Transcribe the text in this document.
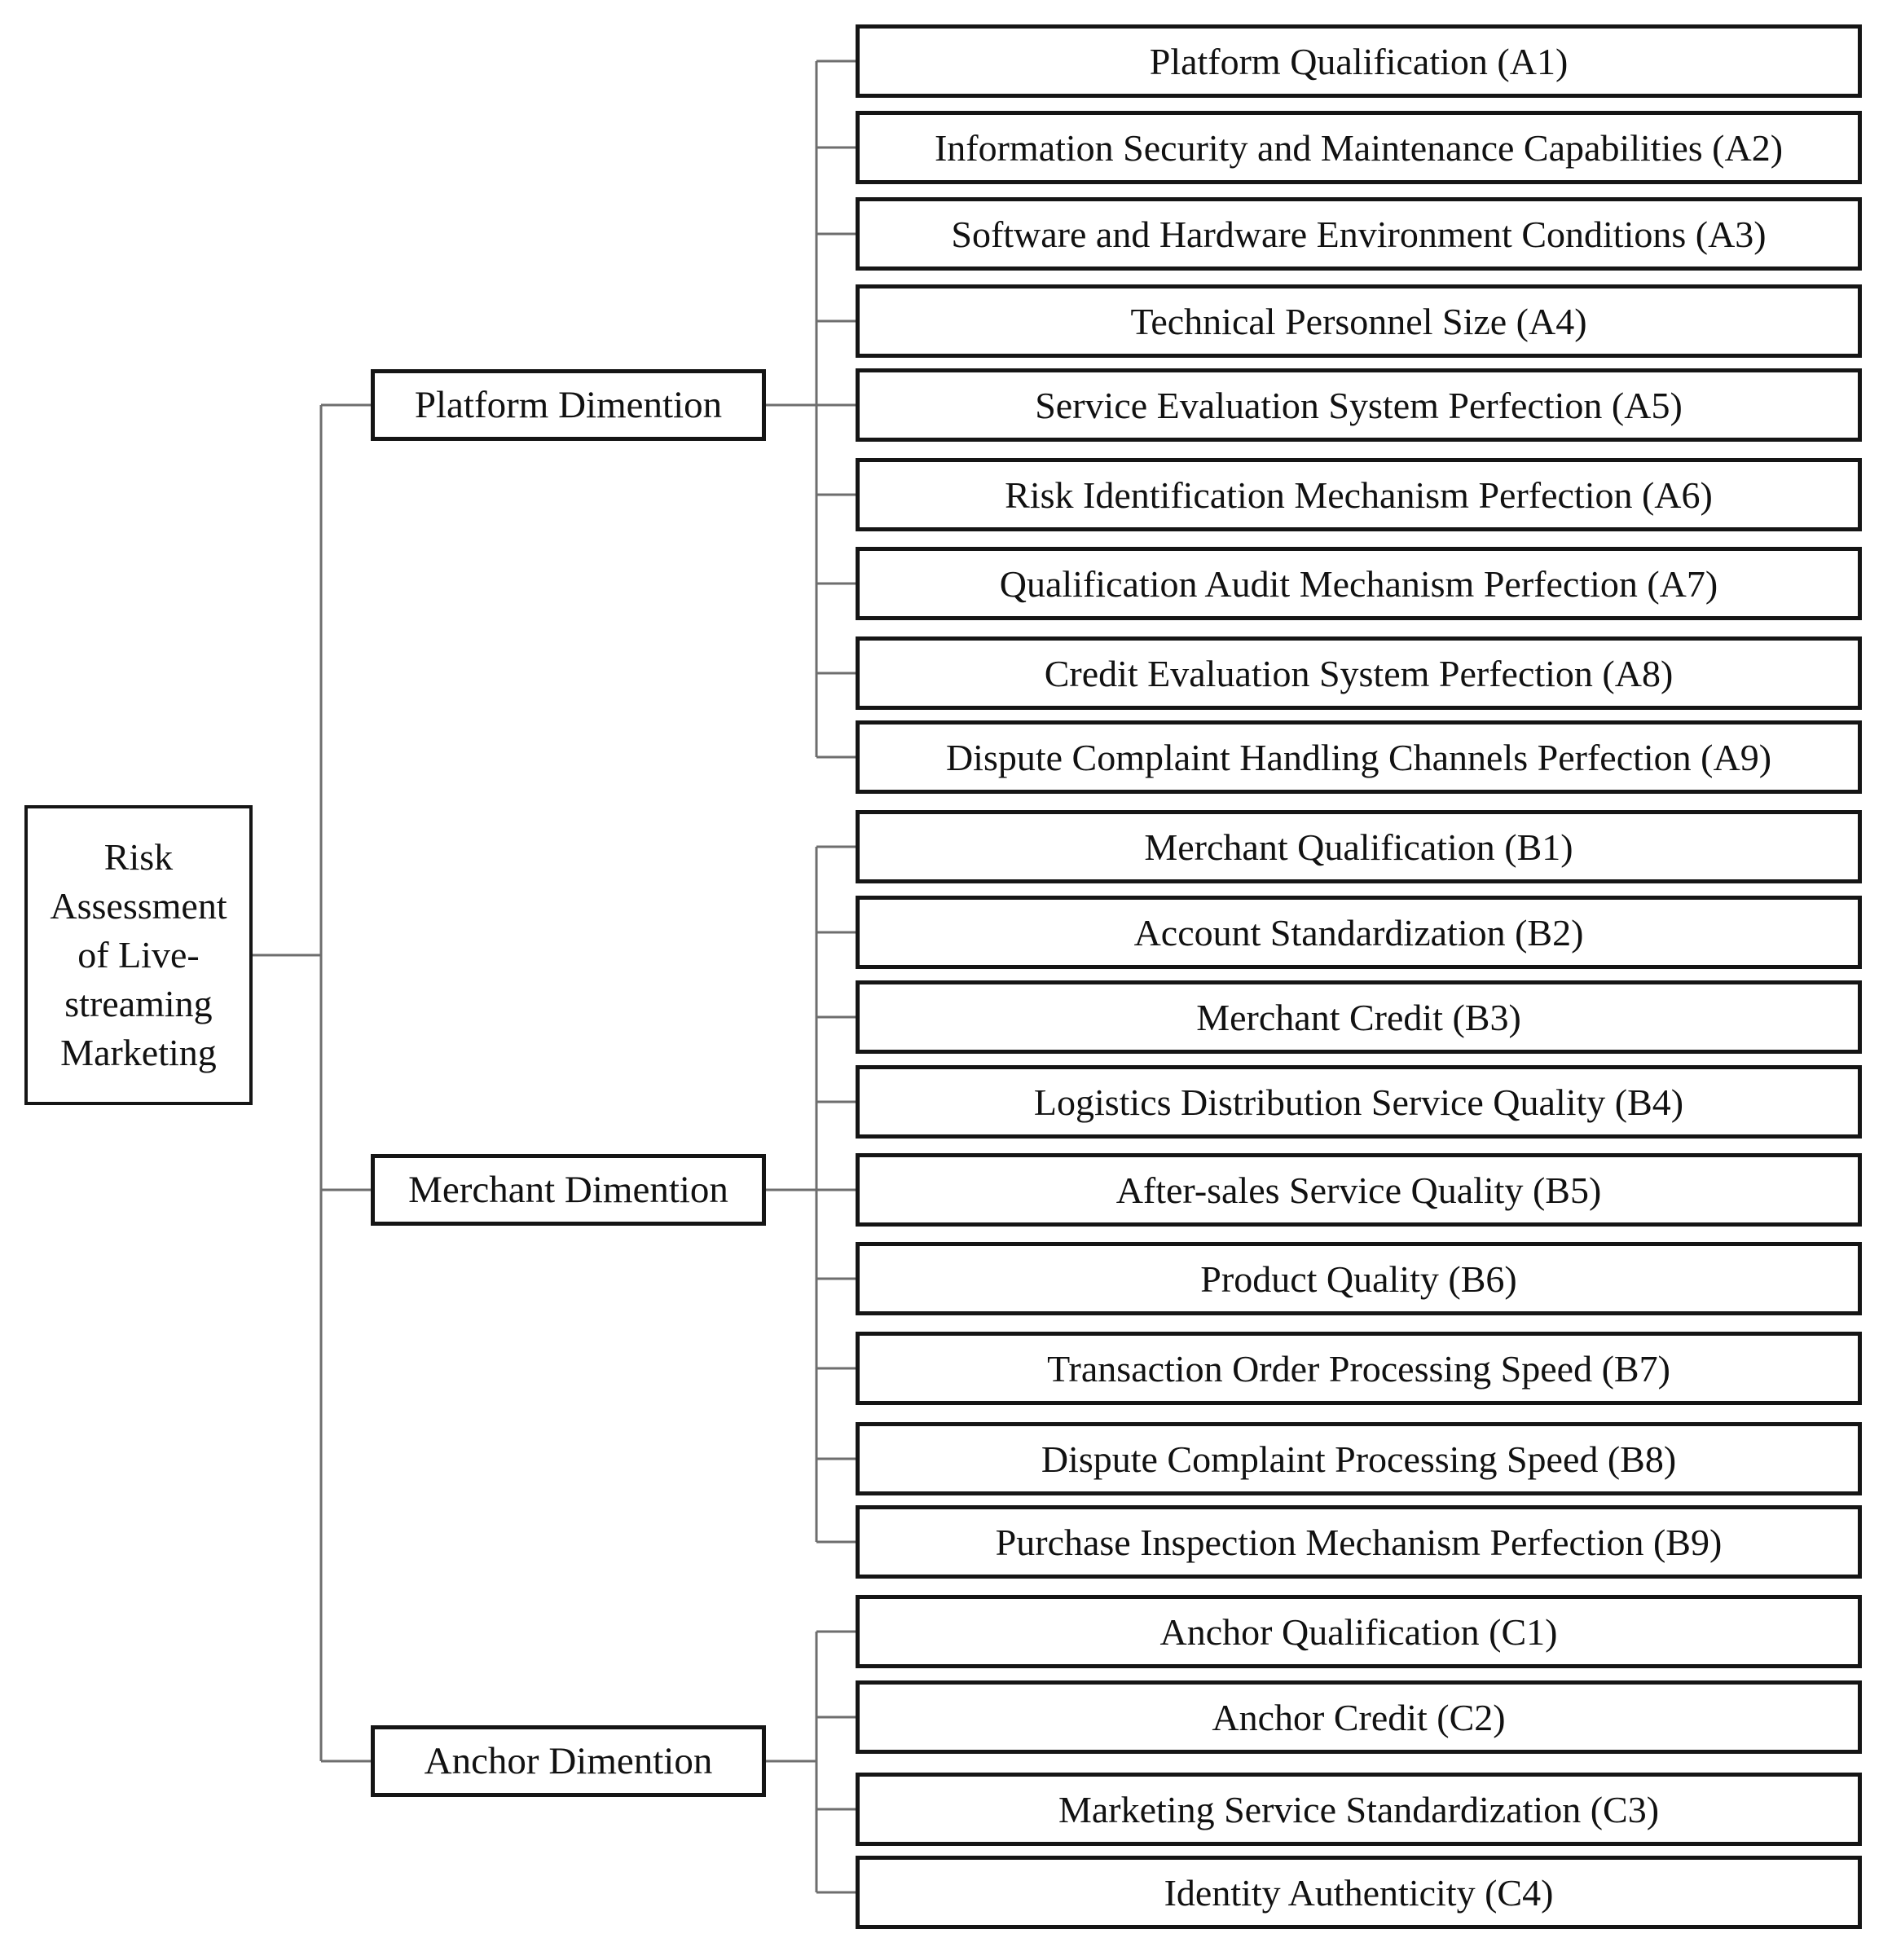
Risk
Assessment
of Live-
streaming
Marketing
Platform Dimention
Merchant Dimention
Anchor Dimention
Platform Qualification (A1)
Information Security and Maintenance Capabilities (A2)
Software and Hardware Environment Conditions (A3)
Technical Personnel Size (A4)
Service Evaluation System Perfection (A5)
Risk Identification Mechanism Perfection (A6)
Qualification Audit Mechanism Perfection (A7)
Credit Evaluation System Perfection (A8)
Dispute Complaint Handling Channels Perfection (A9)
Merchant Qualification (B1)
Account Standardization (B2)
Merchant Credit (B3)
Logistics Distribution Service Quality (B4)
After-sales Service Quality (B5)
Product Quality (B6)
Transaction Order Processing Speed (B7)
Dispute Complaint Processing Speed (B8)
Purchase Inspection Mechanism Perfection (B9)
Anchor Qualification (C1)
Anchor Credit (C2)
Marketing Service Standardization (C3)
Identity Authenticity (C4)
